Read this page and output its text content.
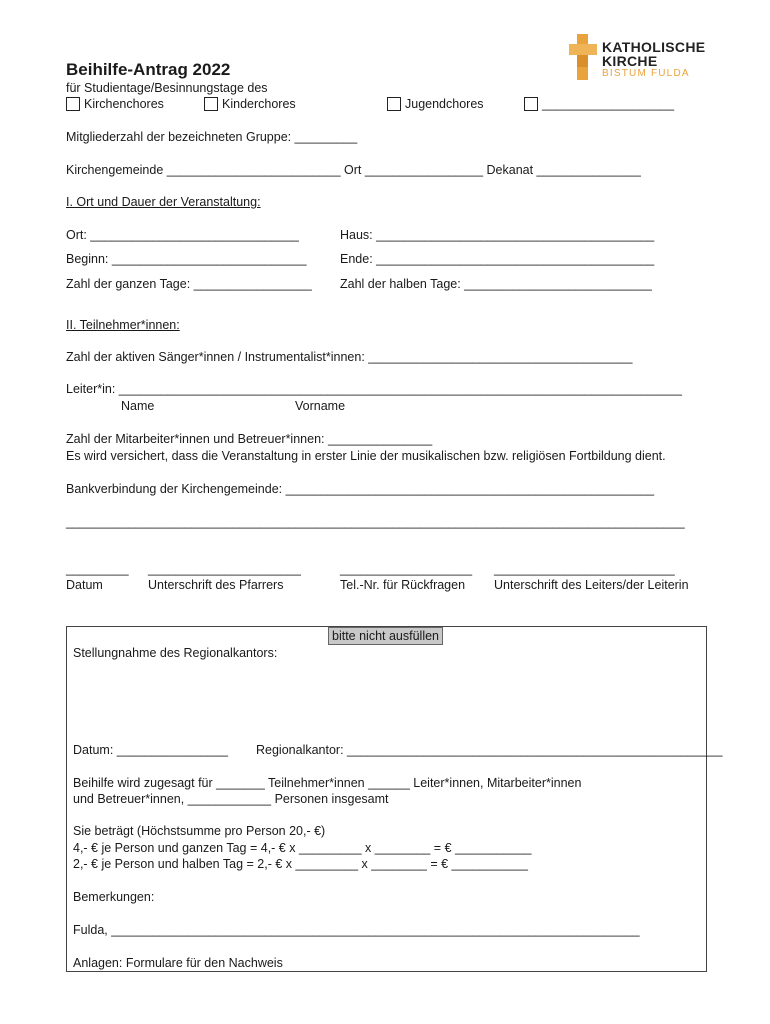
KATHOLISCHE
KIRCHE
BISTUM FULDA
Beihilfe-Antrag 2022
für Studientage/Besinnungstage des
Kirchenchores	Kinderchores	Jugendchores	___________________
Mitgliederzahl der bezeichneten Gruppe: _________
Kirchengemeinde _________________________ Ort _________________ Dekanat _______________
I. Ort und Dauer der Veranstaltung:
Ort: ______________________________	Haus: ________________________________________
Beginn: ____________________________	Ende: ________________________________________
Zahl der ganzen Tage: _________________ Zahl der halben Tage: ___________________________
II. Teilnehmer*innen:
Zahl der aktiven Sänger*innen / Instrumentalist*innen: ______________________________________
Leiter*in: _________________________________________________________________________________
Name	Vorname
Zahl der Mitarbeiter*innen und Betreuer*innen: _______________
Es wird versichert, dass die Veranstaltung in erster Linie der musikalischen bzw. religiösen Fortbildung dient.
Bankverbindung der Kirchengemeinde: _____________________________________________________
_________________________________________________________________________________________
_________ ______________________	___________________ __________________________
Datum	Unterschrift des Pfarrers	Tel.-Nr. für Rückfragen Unterschrift des Leiters/der Leiterin
bitte nicht ausfüllen
Stellungnahme des Regionalkantors:
Datum: ________________ Regionalkantor: ______________________________________________________
Beihilfe wird zugesagt für _______ Teilnehmer*innen ______ Leiter*innen, Mitarbeiter*innen
und Betreuer*innen, ____________ Personen insgesamt
Sie beträgt (Höchstsumme pro Person 20,- €)
4,- € je Person und ganzen Tag = 4,- € x _________ x ________ = € ___________
2,- € je Person und halben Tag = 2,- € x _________ x ________ = € ___________
Bemerkungen:
Fulda, ____________________________________________________________________________
Anlagen: Formulare für den Nachweis
